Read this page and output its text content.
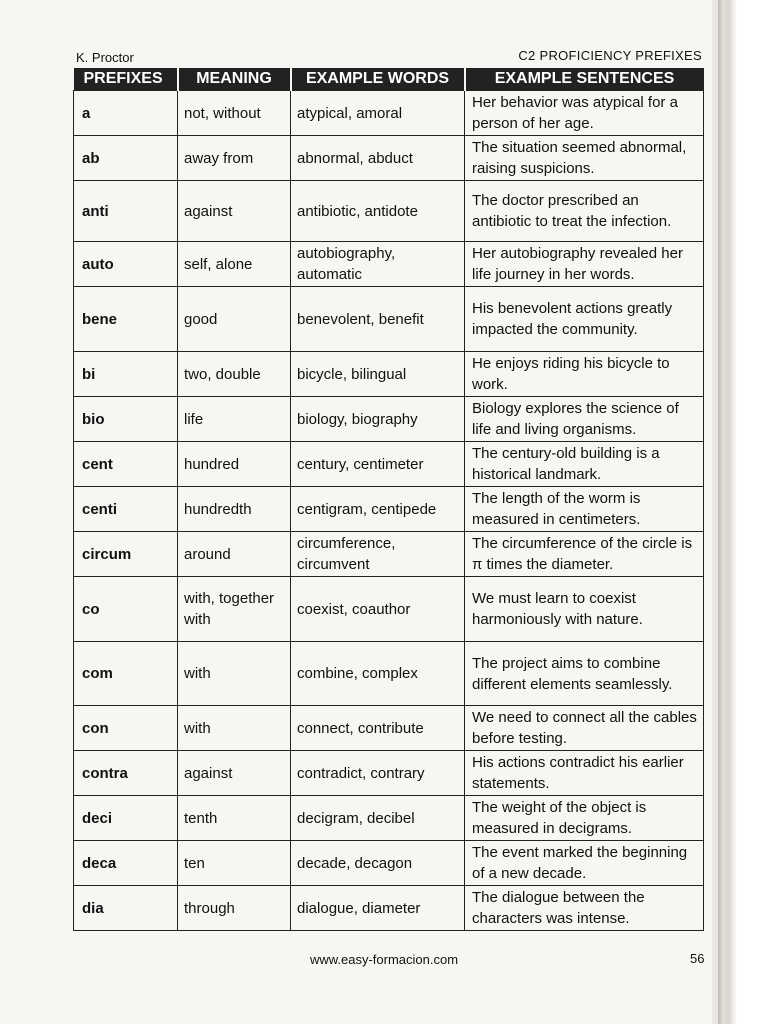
K. Proctor	C2 PROFICIENCY PREFIXES
PREFIXES	MEANING	EXAMPLE WORDS	EXAMPLE SENTENCES
a	not, without	atypical, amoral	Her behavior was atypical for a person of her age.
ab	away from	abnormal, abduct	The situation seemed abnormal, raising suspicions.
anti	against	antibiotic, antidote	The doctor prescribed an antibiotic to treat the infection.
auto	self, alone	autobiography, automatic	Her autobiography revealed her life journey in her words.
bene	good	benevolent, benefit	His benevolent actions greatly impacted the community.
bi	two, double	bicycle, bilingual	He enjoys riding his bicycle to work.
bio	life	biology, biography	Biology explores the science of life and living organisms.
cent	hundred	century, centimeter	The century-old building is a historical landmark.
centi	hundredth	centigram, centipede	The length of the worm is measured in centimeters.
circum	around	circumference, circumvent	The circumference of the circle is π times the diameter.
co	with, together with	coexist, coauthor	We must learn to coexist harmoniously with nature.
com	with	combine, complex	The project aims to combine different elements seamlessly.
con	with	connect, contribute	We need to connect all the cables before testing.
contra	against	contradict, contrary	His actions contradict his earlier statements.
deci	tenth	decigram, decibel	The weight of the object is measured in decigrams.
deca	ten	decade, decagon	The event marked the beginning of a new decade.
dia	through	dialogue, diameter	The dialogue between the characters was intense.
www.easy-formacion.com	56
